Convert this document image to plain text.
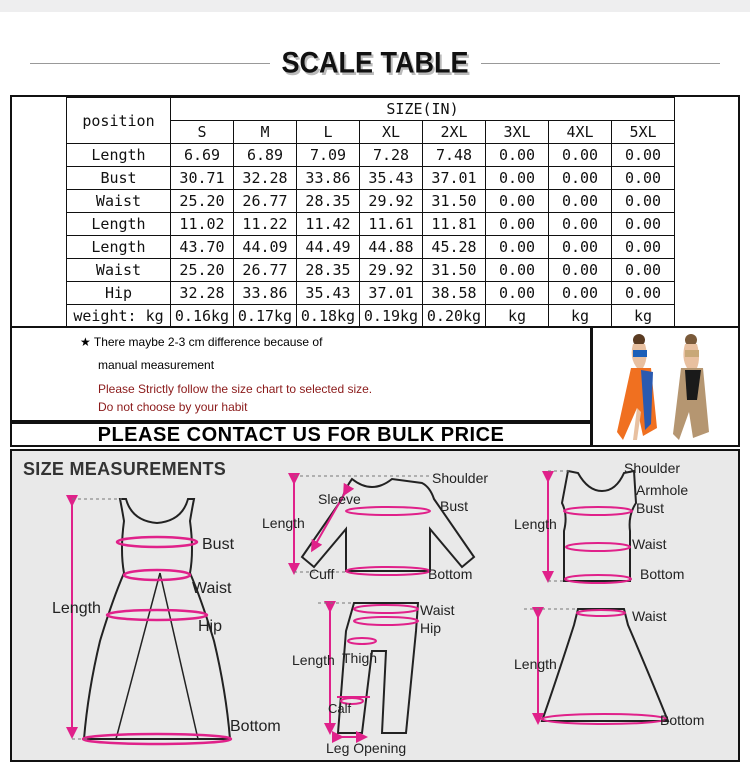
SCALE TABLE
position	SIZE(IN)							
	S	M	L	XL	2XL	3XL	4XL	5XL
Length	6.69	6.89	7.09	7.28	7.48	0.00	0.00	0.00
Bust	30.71	32.28	33.86	35.43	37.01	0.00	0.00	0.00
Waist	25.20	26.77	28.35	29.92	31.50	0.00	0.00	0.00
Length	11.02	11.22	11.42	11.61	11.81	0.00	0.00	0.00
Length	43.70	44.09	44.49	44.88	45.28	0.00	0.00	0.00
Waist	25.20	26.77	28.35	29.92	31.50	0.00	0.00	0.00
Hip	32.28	33.86	35.43	37.01	38.58	0.00	0.00	0.00
weight: kg	0.16kg	0.17kg	0.18kg	0.19kg	0.20kg	kg	kg	kg
★ There maybe 2-3 cm difference because of
manual measurement
Please Strictly follow the size chart to selected size.
Do not choose by your habit
PLEASE CONTACT US FOR BULK PRICE
SIZE MEASUREMENTS
Bust
Waist
Length
Hip
Bottom
Shoulder
Sleeve	Bust
Length
Cuff	Bottom
Shoulder
Armhole
Bust
Length
Waist
Bottom
Waist
Hip
Length Thigh
Calf
Leg Opening
Waist
Length
Bottom
